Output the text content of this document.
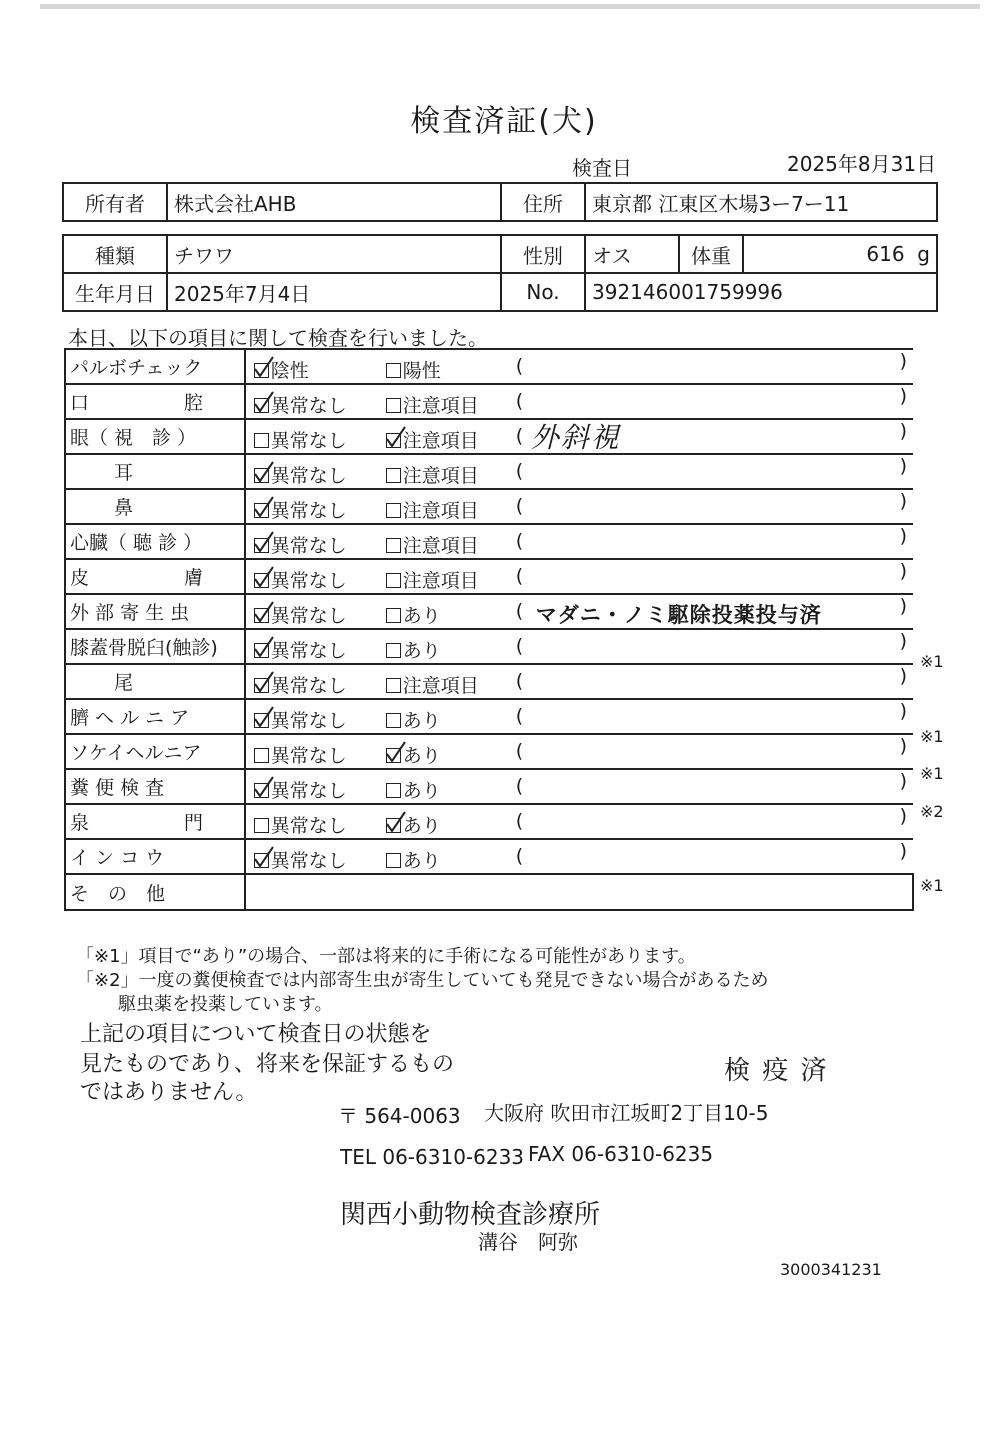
検査済証(犬)
検査日	2025年8月31日
所有者	株式会社AHB	住所	東京都 江東区木場3ー7ー11
種類	チワワ	性別	オス	体重	616 g
生年月日	2025年7月4日	No.	392146001759996		
本日、以下の項目に関して検査を行いました。
パルボチェック	陰性 陽性 ( )

口　　　　　腔	異常なし 注意項目 ( )

眼（ 視　診 ）	異常なし 注意項目 ( 外斜視 )

　　 耳	異常なし 注意項目 ( )

　　 鼻	異常なし 注意項目 ( )

心臓（ 聴 診 ）	異常なし 注意項目 ( )

皮　　　　　膚	異常なし 注意項目 ( )

外 部 寄 生 虫	異常なし あり ( マダニ・ノミ駆除投薬投与済 )

膝蓋骨脱臼(触診)	異常なし あり ( )

　　 尾	異常なし 注意項目 ( )

臍 ヘ ル ニ ア	異常なし あり ( )

ソケイヘルニア	異常なし あり ( )

糞 便 検 査	異常なし あり ( )

泉　　　　　門	異常なし あり ( )

イ ン コ ウ	異常なし あり ( )

そ　の　他	
※1
※1
※1
※2
※1
「※1」項目で“あり”の場合、一部は将来的に手術になる可能性があります。
「※2」一度の糞便検査では内部寄生虫が寄生していても発見できない場合があるため
駆虫薬を投薬しています。
上記の項目について検査日の状態を
見たものであり、将来を保証するもの
ではありません。
検 疫 済
〒 564-0063 大阪府 吹田市江坂町2丁目10-5
TEL 06-6310-6233 FAX 06-6310-6235
関西小動物検査診療所
溝谷　阿弥
3000341231
